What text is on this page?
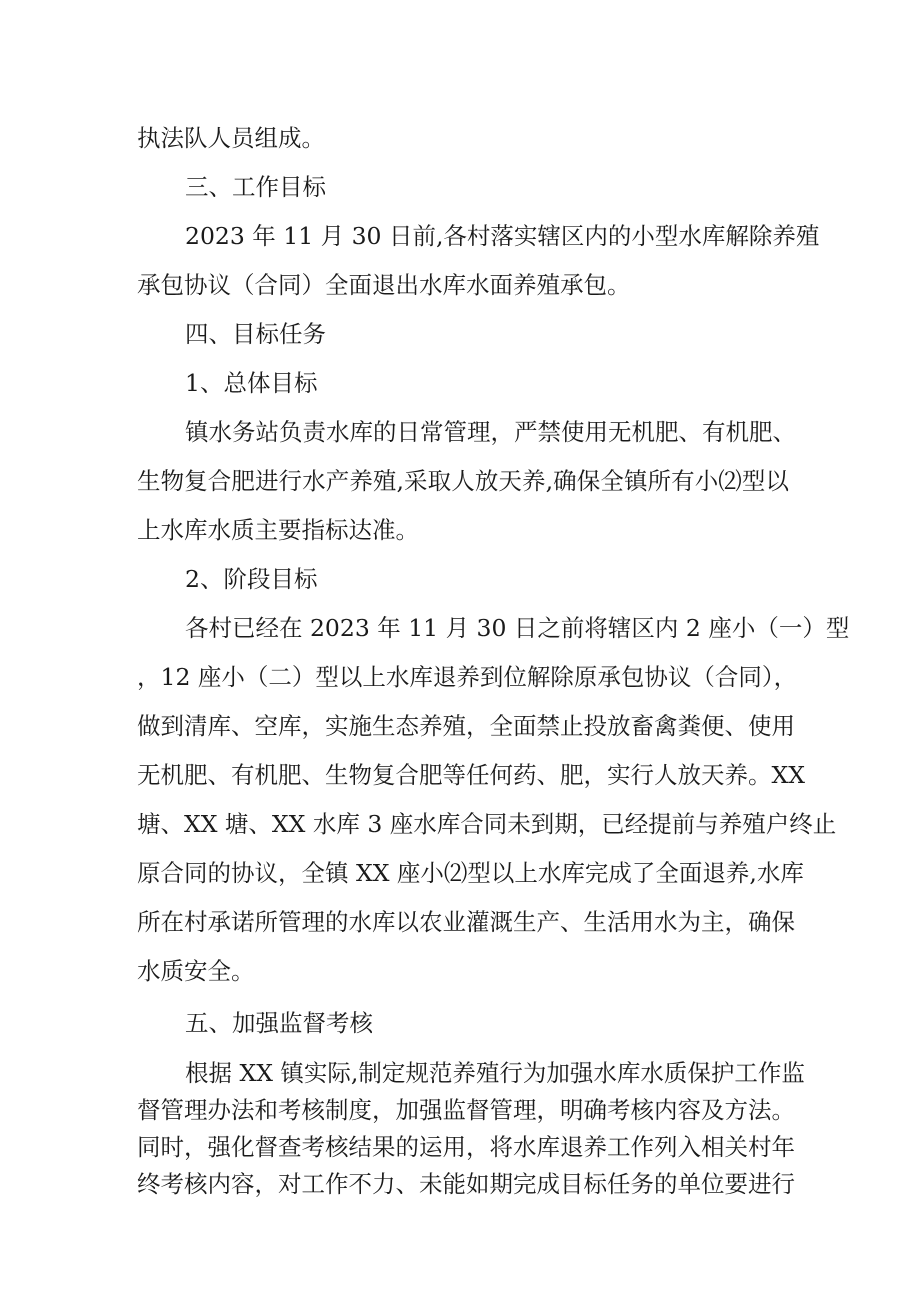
执法队人员组成。
三、工作目标
2023 年 11 月 30 日前,各村落实辖区内的小型水库解除养殖
承包协议（合同）全面退出水库水面养殖承包。
四、目标任务
1、总体目标
镇水务站负责水库的日常管理，严禁使用无机肥、有机肥、
生物复合肥进行水产养殖,采取人放天养,确保全镇所有小⑵型以
上水库水质主要指标达准。
2、阶段目标
各村已经在 2023 年 11 月 30 日之前将辖区内 2 座小（一）型
，12 座小（二）型以上水库退养到位解除原承包协议（合同），
做到清库、空库，实施生态养殖，全面禁止投放畜禽粪便、使用
无机肥、有机肥、生物复合肥等任何药、肥，实行人放天养。XX
塘、XX 塘、XX 水库 3 座水库合同未到期，已经提前与养殖户终止
原合同的协议，全镇 XX 座小⑵型以上水库完成了全面退养,水库
所在村承诺所管理的水库以农业灌溉生产、生活用水为主，确保
水质安全。
五、加强监督考核
根据 XX 镇实际,制定规范养殖行为加强水库水质保护工作监
督管理办法和考核制度，加强监督管理，明确考核内容及方法。
同时，强化督查考核结果的运用，将水库退养工作列入相关村年
终考核内容，对工作不力、未能如期完成目标任务的单位要进行
